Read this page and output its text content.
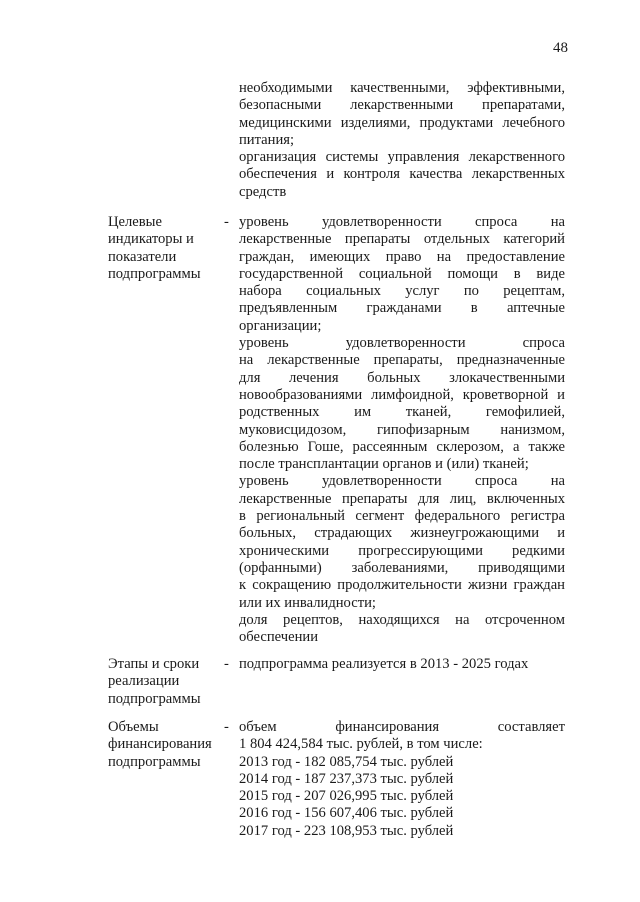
48
необходимыми качественными, эффективными,
безопасными лекарственными препаратами,
медицинскими изделиями, продуктами лечебного
питания;
организация системы управления лекарственного
обеспечения и контроля качества лекарственных
средств
Целевые индикаторы и показатели подпрограммы
- уровень удовлетворенности спроса на
лекарственные препараты отдельных категорий
граждан, имеющих право на предоставление
государственной социальной помощи в виде
набора социальных услуг по рецептам,
предъявленным гражданами в аптечные
организации;
уровень удовлетворенности спроса
на лекарственные препараты, предназначенные
для лечения больных злокачественными
новообразованиями лимфоидной, кроветворной и
родственных им тканей, гемофилией,
муковисцидозом, гипофизарным нанизмом,
болезнью Гоше, рассеянным склерозом, а также
после трансплантации органов и (или) тканей;
уровень удовлетворенности спроса на
лекарственные препараты для лиц, включенных
в региональный сегмент федерального регистра
больных, страдающих жизнеугрожающими и
хроническими прогрессирующими редкими
(орфанными) заболеваниями, приводящими
к сокращению продолжительности жизни граждан
или их инвалидности;
доля рецептов, находящихся на отсроченном
обеспечении
Этапы и сроки реализации подпрограммы
- подпрограмма реализуется в 2013 - 2025 годах
Объемы финансирования подпрограммы
- объем финансирования составляет
1 804 424,584 тыс. рублей, в том числе:
2013 год - 182 085,754 тыс. рублей
2014 год - 187 237,373 тыс. рублей
2015 год - 207 026,995 тыс. рублей
2016 год - 156 607,406 тыс. рублей
2017 год - 223 108,953 тыс. рублей
